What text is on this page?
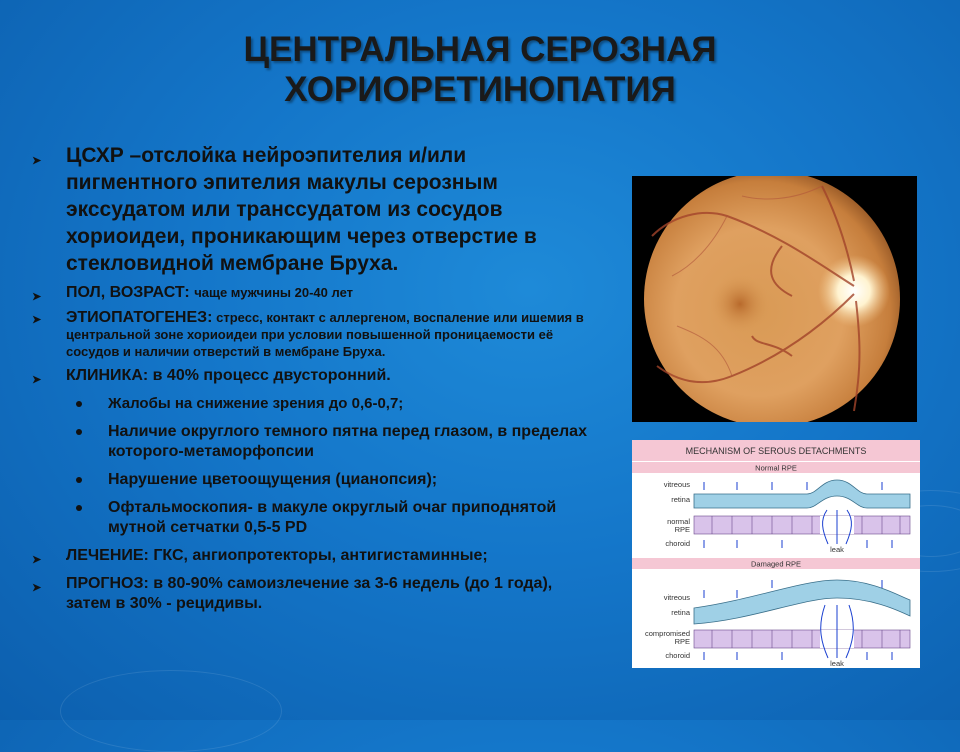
ЦЕНТРАЛЬНАЯ СЕРОЗНАЯ
ХОРИОРЕТИНОПАТИЯ
➤ ЦСХР –отслойка нейроэпителия и/или пигментного эпителия макулы серозным экссудатом или транссудатом из сосудов хориоидеи, проникающим через отверстие в стекловидной мембране Бруха.
➤ ПОЛ, ВОЗРАСТ: чаще мужчины 20-40 лет
➤ ЭТИОПАТОГЕНЕЗ: стресс, контакт с аллергеном, воспаление или ишемия в центральной зоне хориоидеи при условии повышенной проницаемости её сосудов и наличии отверстий в мембране Бруха.
➤ КЛИНИКА: в 40% процесс двусторонний.
Жалобы на снижение зрения до 0,6-0,7;
Наличие округлого темного пятна перед глазом, в пределах которого-метаморфопсии
Нарушение цветоощущения (цианопсия);
Офтальмоскопия- в макуле округлый очаг приподнятой мутной сетчатки 0,5-5 PD
➤ ЛЕЧЕНИЕ: ГКС, ангиопротекторы, антигистаминные;
➤ ПРОГНОЗ: в 80-90% самоизлечение за 3-6 недель (до 1 года), затем в 30% - рецидивы.
MECHANISM OF SEROUS DETACHMENTS
Normal RPE
vitreous
retina
normal
RPE
choroid
leak
Damaged RPE
vitreous
retina
compromised
RPE
choroid
leak
